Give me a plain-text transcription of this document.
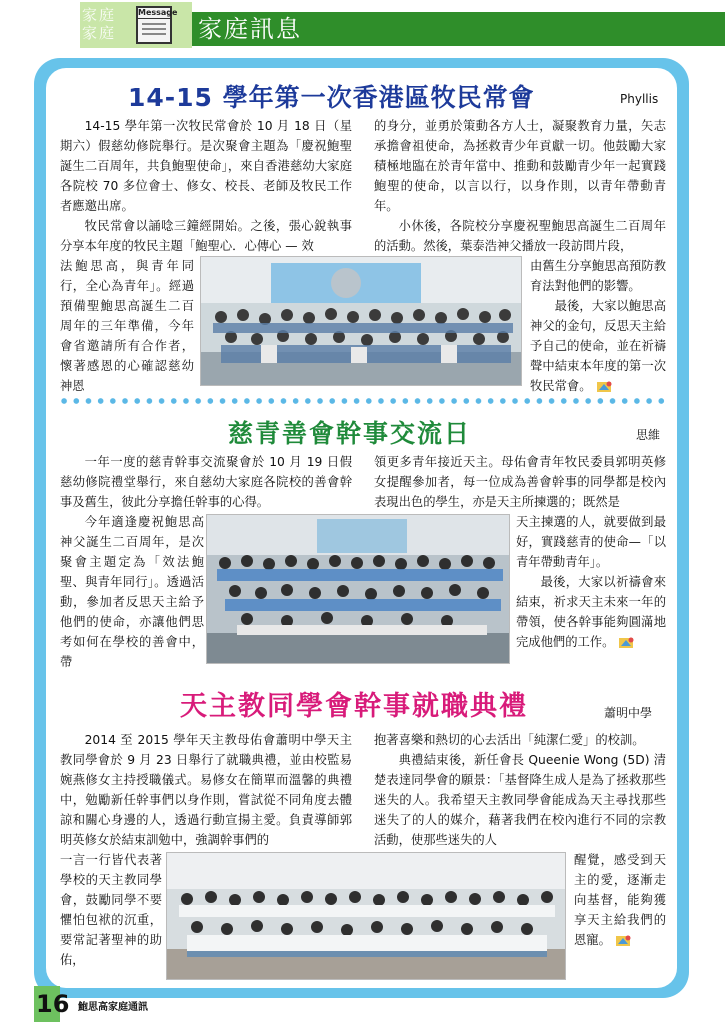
家庭
家庭
Message
家庭訊息
14-15 學年第一次香港區牧民常會	Phyllis

14-15 學年第一次牧民常會於 10 月 18 日（星期六）假慈幼修院舉行。是次聚會主題為「慶祝鮑聖誕生二百周年，共負鮑聖使命」，來自香港慈幼大家庭各院校 70 多位會士、修女、校長、老師及牧民工作者應邀出席。

牧民常會以誦唸三鐘經開始。之後，張心銳執事分享本年度的牧民主題「鮑聖心．心傳心 — 效

法鮑思高，與青年同行，全心為青年」。經過預備聖鮑思高誕生二百周年的三年準備，今年會省邀請所有合作者，懷著感恩的心確認慈幼神恩

的身分，並勇於策動各方人士，凝聚教育力量，矢志承擔會祖使命，為拯救青少年貢獻一切。他鼓勵大家積極地臨在於青年當中、推動和鼓勵青少年一起實踐鮑聖的使命，以言以行，以身作則，以青年帶動青年。

小休後，各院校分享慶祝聖鮑思高誕生二百周年的活動。然後，葉泰浩神父播放一段訪問片段，

由舊生分享鮑思高預防教育法對他們的影響。

最後，大家以鮑思高神父的金句，反思天主給予自己的使命，並在祈禱聲中結束本年度的第一次牧民常會。

慈青善會幹事交流日	思維

一年一度的慈青幹事交流聚會於 10 月 19 日假慈幼修院禮堂舉行，來自慈幼大家庭各院校的善會幹事及舊生，彼此分享擔任幹事的心得。

今年適逢慶祝鮑思高神父誕生二百周年，是次聚會主題定為「效法鮑聖、與青年同行」。透過活動，參加者反思天主給予他們的使命，亦讓他們思考如何在學校的善會中，帶

領更多青年接近天主。母佑會青年牧民委員郭明英修女提醒參加者，每一位成為善會幹事的同學都是校內表現出色的學生，亦是天主所揀選的；既然是

天主揀選的人，就要做到最好，實踐慈青的使命—「以青年帶動青年」。

最後，大家以祈禱會來結束，祈求天主未來一年的帶領，使各幹事能夠圓滿地完成他們的工作。

天主教同學會幹事就職典禮	蕭明中學

2014 至 2015 學年天主教母佑會蕭明中學天主教同學會於 9 月 23 日舉行了就職典禮，並由校監易婉燕修女主持授職儀式。易修女在簡單而溫馨的典禮中，勉勵新任幹事們以身作則，嘗試從不同角度去體諒和關心身邊的人，透過行動宣揚主愛。負責導師郭明英修女於結束訓勉中，強調幹事們的

一言一行皆代表著學校的天主教同學會，鼓勵同學不要懼怕包袱的沉重，要常記著聖神的助佑，

抱著喜樂和熱切的心去活出「純潔仁愛」的校訓。

典禮結束後，新任會長 Queenie Wong (5D) 清楚表達同學會的願景：「基督降生成人是為了拯救那些迷失的人。我希望天主教同學會能成為天主尋找那些迷失了的人的媒介，藉著我們在校內進行不同的宗教活動，使那些迷失的人

醒覺，感受到天主的愛，逐漸走向基督，能夠獲享天主給我們的恩寵。

16 鮑思高家庭通訊
